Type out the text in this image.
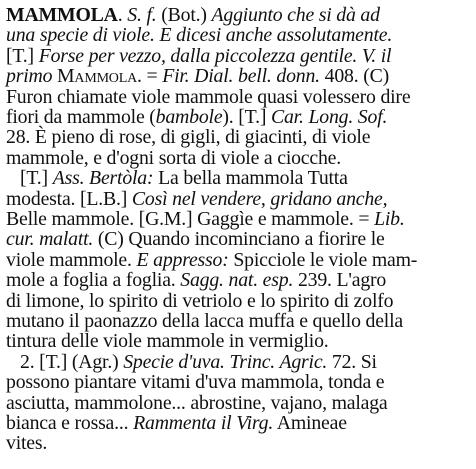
MAMMOLA. S. f. (Bot.) Aggiunto che si dà ad
una specie di viole. E dicesi anche assolutamente.
[T.] Forse per vezzo, dalla piccolezza gentile. V. il
primo Mammola. = Fir. Dial. bell. donn. 408. (C)
Furon chiamate viole mammole quasi volessero dire
fiori da mammole (bambole). [T.] Car. Long. Sof.
28. È pieno di rose, di gigli, di giacinti, di viole
mammole, e d'ogni sorta di viole a ciocche.
[T.] Ass. Bertòla: La bella mammola Tutta
modesta. [L.B.] Così nel vendere, gridano anche,
Belle mammole. [G.M.] Gaggìe e mammole. = Lib.
cur. malatt. (C) Quando incominciano a fiorire le
viole mammole. E appresso: Spicciole le viole mam-
mole a foglia a foglia. Sagg. nat. esp. 239. L'agro
di limone, lo spirito di vetriolo e lo spirito di zolfo
mutano il paonazzo della lacca muffa e quello della
tintura delle viole mammole in vermiglio.
2. [T.] (Agr.) Specie d'uva. Trinc. Agric. 72. Si
possono piantare vitami d'uva mammola, tonda e
asciutta, mammolone... abrostine, vajano, malaga
bianca e rossa... Rammenta il Virg. Amineae
vites.
